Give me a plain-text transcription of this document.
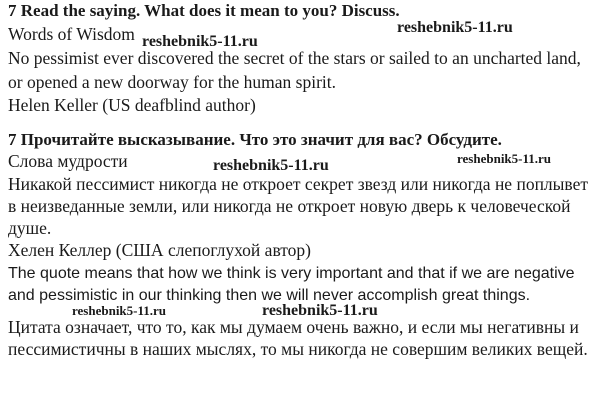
7 Read the saying. What does it mean to you? Discuss.
Words of Wisdom
No pessimist ever discovered the secret of the stars or sailed to an uncharted land,
or opened a new doorway for the human spirit.
Helen Keller (US deafblind author)
7 Прочитайте высказывание. Что это значит для вас? Обсудите.
Слова мудрости
Никакой пессимист никогда не откроет секрет звезд или никогда не поплывет
в неизведанные земли, или никогда не откроет новую дверь к человеческой
душе.
Хелен Келлер (США слепоглухой автор)
The quote means that how we think is very important and that if we are negative
and pessimistic in our thinking then we will never accomplish great things.
Цитата означает, что то, как мы думаем очень важно, и если мы негативны и
пессимистичны в наших мыслях, то мы никогда не совершим великих вещей.
reshebnik5-11.ru
reshebnik5-11.ru
reshebnik5-11.ru	reshebnik5-11.ru
reshebnik5-11.ru	reshebnik5-11.ru
